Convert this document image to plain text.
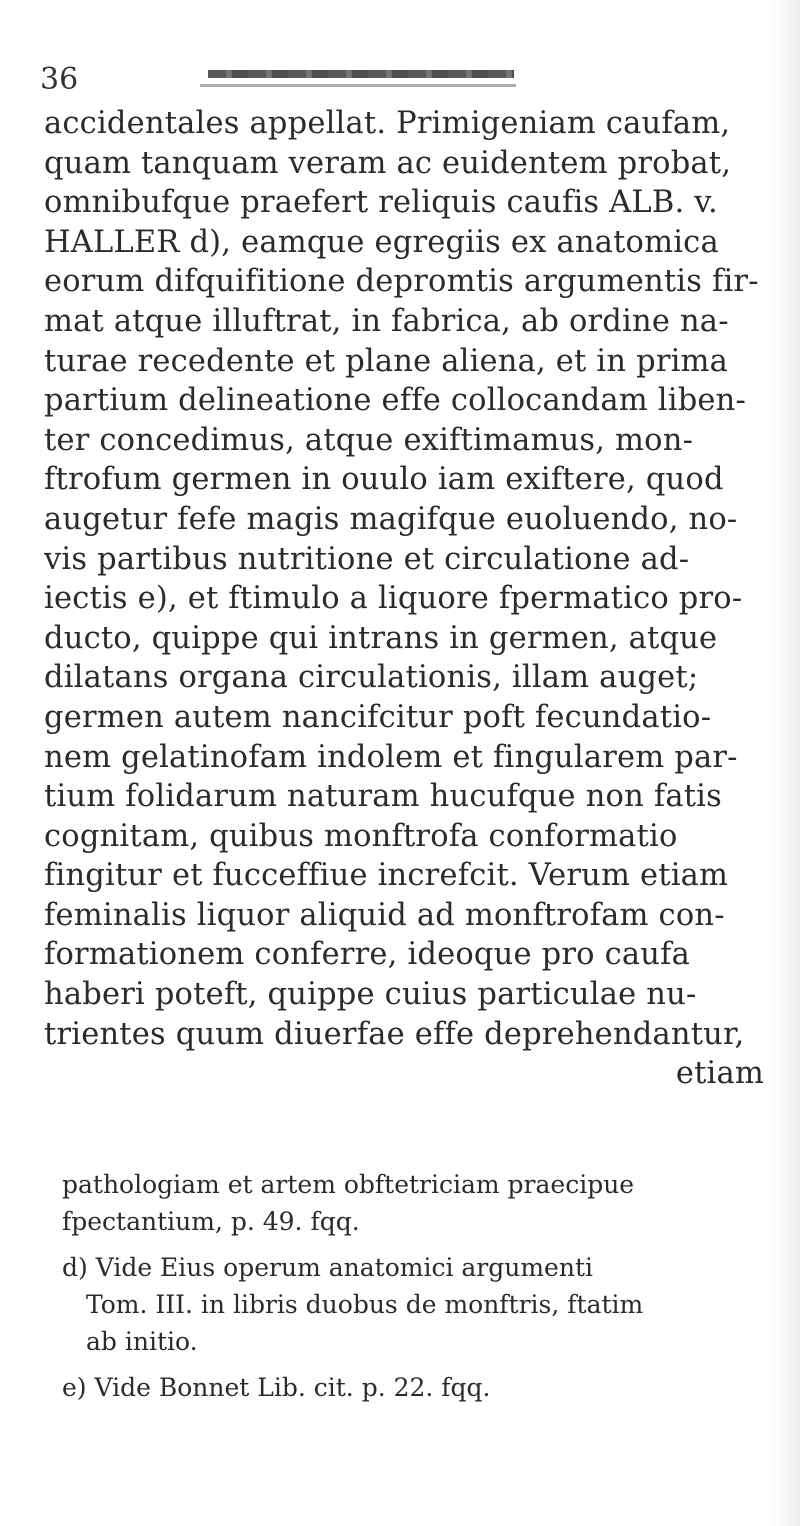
36
accidentales appellat. Primigeniam caufam,
quam tanquam veram ac euidentem probat,
omnibufque praefert reliquis caufis ALB. v.
HALLER d), eamque egregiis ex anatomica
eorum difquifitione depromtis argumentis fir-
mat atque illuftrat, in fabrica, ab ordine na-
turae recedente et plane aliena, et in prima
partium delineatione effe collocandam liben-
ter concedimus, atque exiftimamus, mon-
ftrofum germen in ouulo iam exiftere, quod
augetur fefe magis magifque euoluendo, no-
vis partibus nutritione et circulatione ad-
iectis e), et ftimulo a liquore fpermatico pro-
ducto, quippe qui intrans in germen, atque
dilatans organa circulationis, illam auget;
germen autem nancifcitur poft fecundatio-
nem gelatinofam indolem et fingularem par-
tium folidarum naturam hucufque non fatis
cognitam, quibus monftrofa conformatio
fingitur et fucceffiue increfcit. Verum etiam
feminalis liquor aliquid ad monftrofam con-
formationem conferre, ideoque pro caufa
haberi poteft, quippe cuius particulae nu-
trientes quum diuerfae effe deprehendantur,
etiam
pathologiam et artem obftetriciam praecipue
fpectantium, p. 49. fqq.
d) Vide Eius operum anatomici argumenti
Tom. III. in libris duobus de monftris, ftatim
ab initio.
e) Vide Bonnet Lib. cit. p. 22. fqq.
